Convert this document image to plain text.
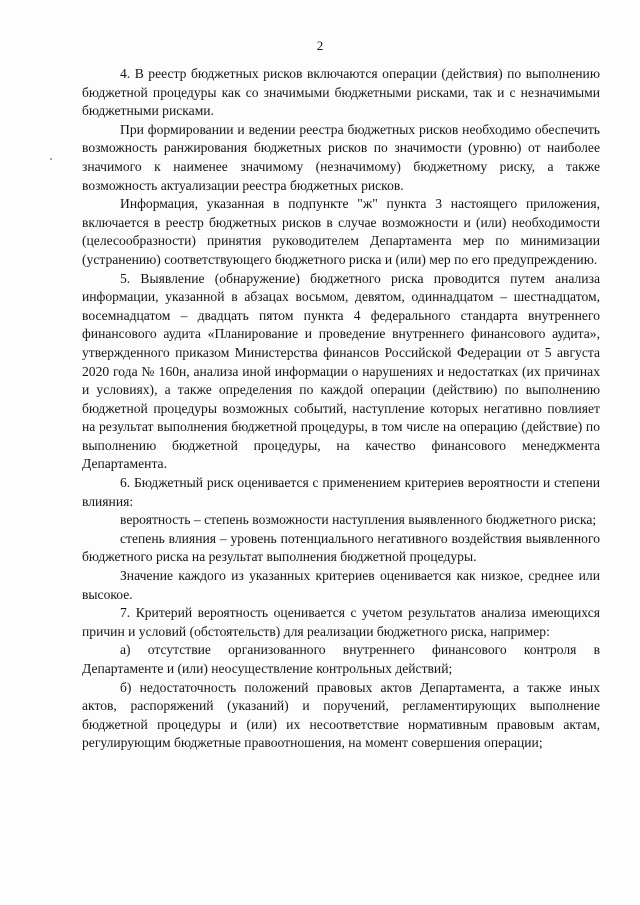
2

4. В реестр бюджетных рисков включаются операции (действия) по выполнению бюджетной процедуры как со значимыми бюджетными рисками, так и с незначимыми бюджетными рисками.

При формировании и ведении реестра бюджетных рисков необходимо обеспечить возможность ранжирования бюджетных рисков по значимости (уровню) от наиболее значимого к наименее значимому (незначимому) бюджетному риску, а также возможность актуализации реестра бюджетных рисков.

Информация, указанная в подпункте "ж" пункта 3 настоящего приложения, включается в реестр бюджетных рисков в случае возможности и (или) необходимости (целесообразности) принятия руководителем Департамента мер по минимизации (устранению) соответствующего бюджетного риска и (или) мер по его предупреждению.

5. Выявление (обнаружение) бюджетного риска проводится путем анализа информации, указанной в абзацах восьмом, девятом, одиннадцатом – шестнадцатом, восемнадцатом – двадцать пятом пункта 4 федерального стандарта внутреннего финансового аудита «Планирование и проведение внутреннего финансового аудита», утвержденного приказом Министерства финансов Российской Федерации от 5 августа 2020 года № 160н, анализа иной информации о нарушениях и недостатках (их причинах и условиях), а также определения по каждой операции (действию) по выполнению бюджетной процедуры возможных событий, наступление которых негативно повлияет на результат выполнения бюджетной процедуры, в том числе на операцию (действие) по выполнению бюджетной процедуры, на качество финансового менеджмента Департамента.

6. Бюджетный риск оценивается с применением критериев вероятности и степени влияния:

вероятность – степень возможности наступления выявленного бюджетного риска;

степень влияния – уровень потенциального негативного воздействия выявленного бюджетного риска на результат выполнения бюджетной процедуры.

Значение каждого из указанных критериев оценивается как низкое, среднее или высокое.

7. Критерий вероятность оценивается с учетом результатов анализа имеющихся причин и условий (обстоятельств) для реализации бюджетного риска, например:

а) отсутствие организованного внутреннего финансового контроля в Департаменте и (или) неосуществление контрольных действий;

б) недостаточность положений правовых актов Департамента, а также иных актов, распоряжений (указаний) и поручений, регламентирующих выполнение бюджетной процедуры и (или) их несоответствие нормативным правовым актам, регулирующим бюджетные правоотношения, на момент совершения операции;
